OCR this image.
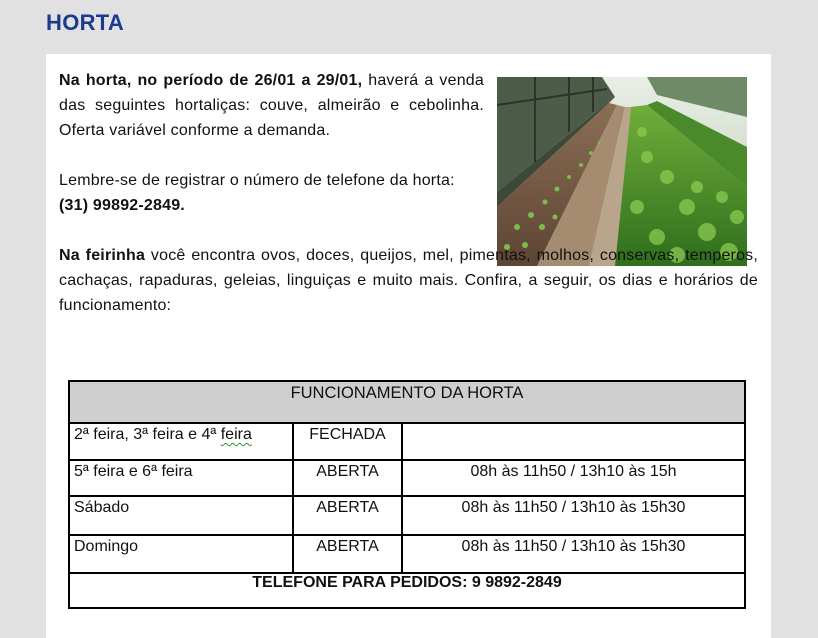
HORTA

Na horta, no período de 26/01 a 29/01, haverá a venda das seguintes hortaliças: couve, almeirão e cebolinha. Oferta variável conforme a demanda.

Lembre-se de registrar o número de telefone da horta:
(31) 99892-2849.

Na feirinha você encontra ovos, doces, queijos, mel, pimentas, molhos, conservas, temperos, cachaças, rapaduras, geleias, linguiças e muito mais. Confira, a seguir, os dias e horários de funcionamento:

FUNCIONAMENTO DA HORTA		
2ª feira, 3ª feira e 4ª feira	FECHADA	
5ª feira e 6ª feira	ABERTA	08h às 11h50 / 13h10 às 15h
Sábado	ABERTA	08h às 11h50 / 13h10 às 15h30
Domingo	ABERTA	08h às 11h50 / 13h10 às 15h30
TELEFONE PARA PEDIDOS: 9 9892-2849		
